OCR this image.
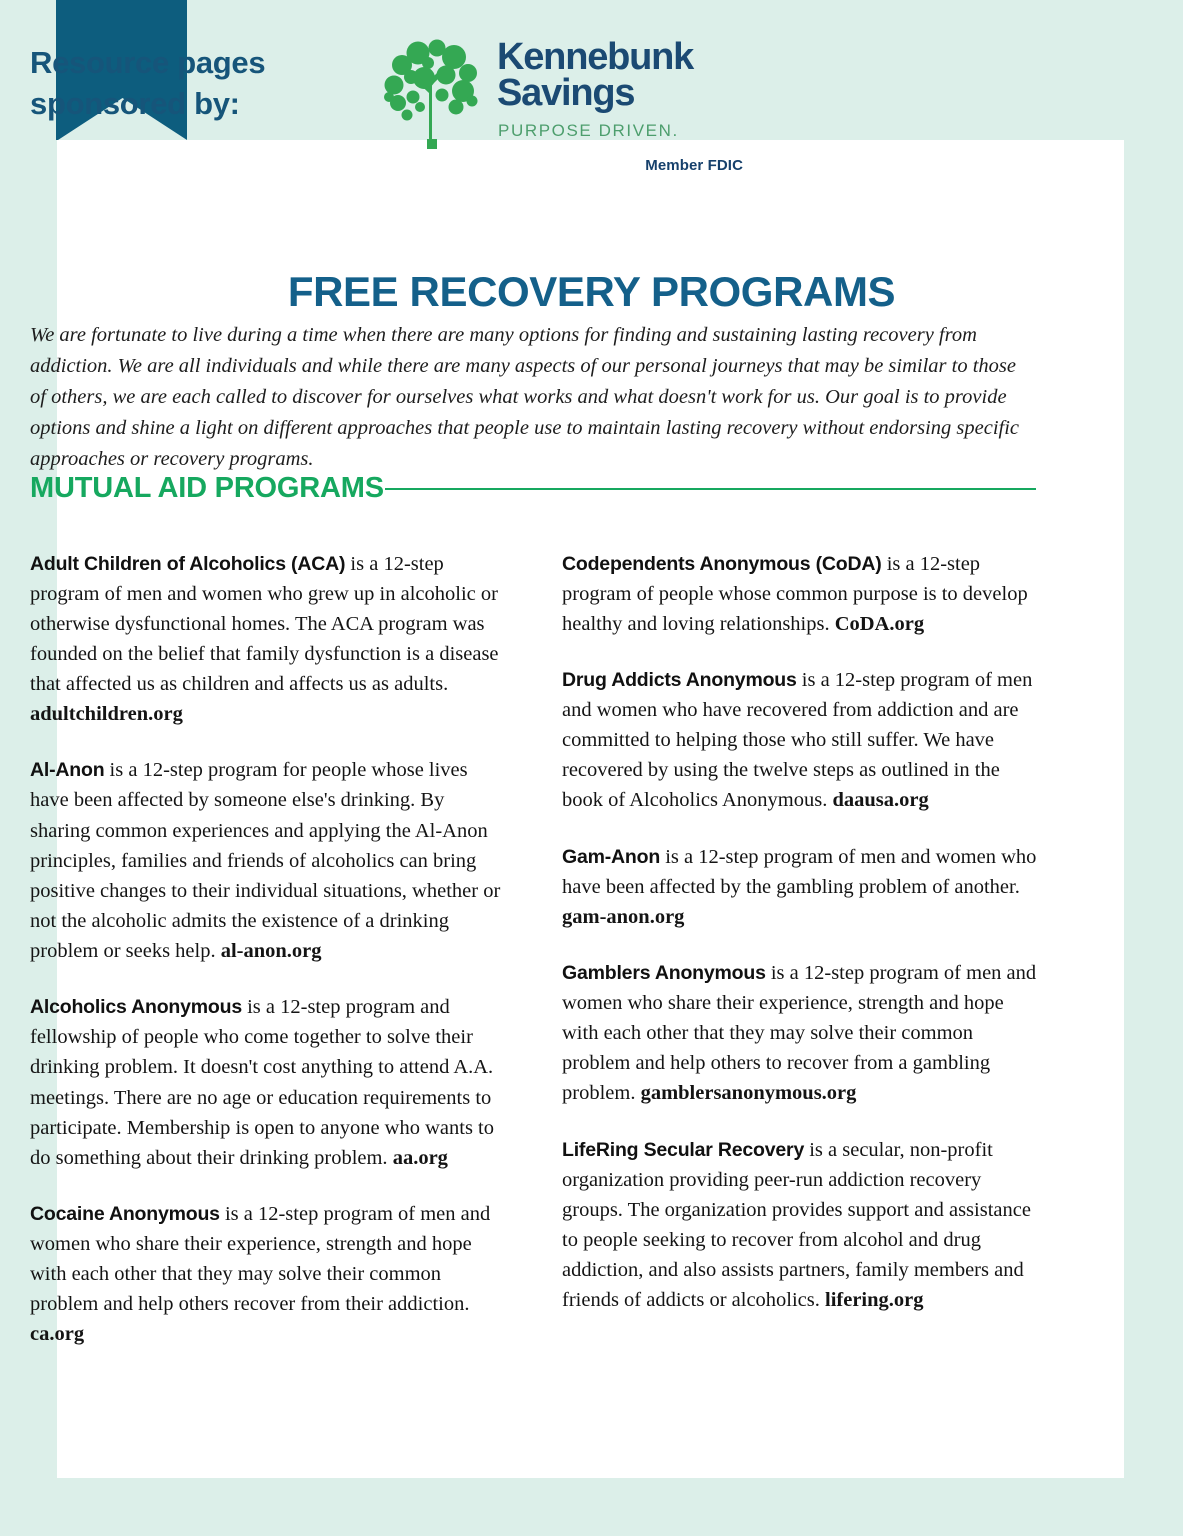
Resource pages
sponsored by:
Kennebunk
Savings
PURPOSE DRIVEN.
Member FDIC
FREE RECOVERY PROGRAMS

We are fortunate to live during a time when there are many options for finding and sustaining lasting recovery from addiction. We are all individuals and while there are many aspects of our personal journeys that may be similar to those of others, we are each called to discover for ourselves what works and what doesn't work for us. Our goal is to provide options and shine a light on different approaches that people use to maintain lasting recovery without endorsing specific approaches or recovery programs.

MUTUAL AID PROGRAMS

Adult Children of Alcoholics (ACA) is a 12-step program of men and women who grew up in alcoholic or otherwise dysfunctional homes. The ACA program was founded on the belief that family dysfunction is a disease that affected us as children and affects us as adults. adultchildren.org

Al-Anon is a 12-step program for people whose lives have been affected by someone else's drinking. By sharing common experiences and applying the Al-Anon principles, families and friends of alcoholics can bring positive changes to their individual situations, whether or not the alcoholic admits the existence of a drinking problem or seeks help. al-anon.org

Alcoholics Anonymous is a 12-step program and fellowship of people who come together to solve their drinking problem. It doesn't cost anything to attend A.A. meetings. There are no age or education requirements to participate. Membership is open to anyone who wants to do something about their drinking problem. aa.org

Cocaine Anonymous is a 12-step program of men and women who share their experience, strength and hope with each other that they may solve their common problem and help others recover from their addiction. ca.org

Codependents Anonymous (CoDA) is a 12-step program of people whose common purpose is to develop healthy and loving relationships. CoDA.org

Drug Addicts Anonymous is a 12-step program of men and women who have recovered from addiction and are committed to helping those who still suffer. We have recovered by using the twelve steps as outlined in the book of Alcoholics Anonymous. daausa.org

Gam-Anon is a 12-step program of men and women who have been affected by the gambling problem of another. gam-anon.org

Gamblers Anonymous is a 12-step program of men and women who share their experience, strength and hope with each other that they may solve their common problem and help others to recover from a gambling problem. gamblersanonymous.org

LifeRing Secular Recovery is a secular, non-profit organization providing peer-run addiction recovery groups. The organization provides support and assistance to people seeking to recover from alcohol and drug addiction, and also assists partners, family members and friends of addicts or alcoholics. lifering.org
